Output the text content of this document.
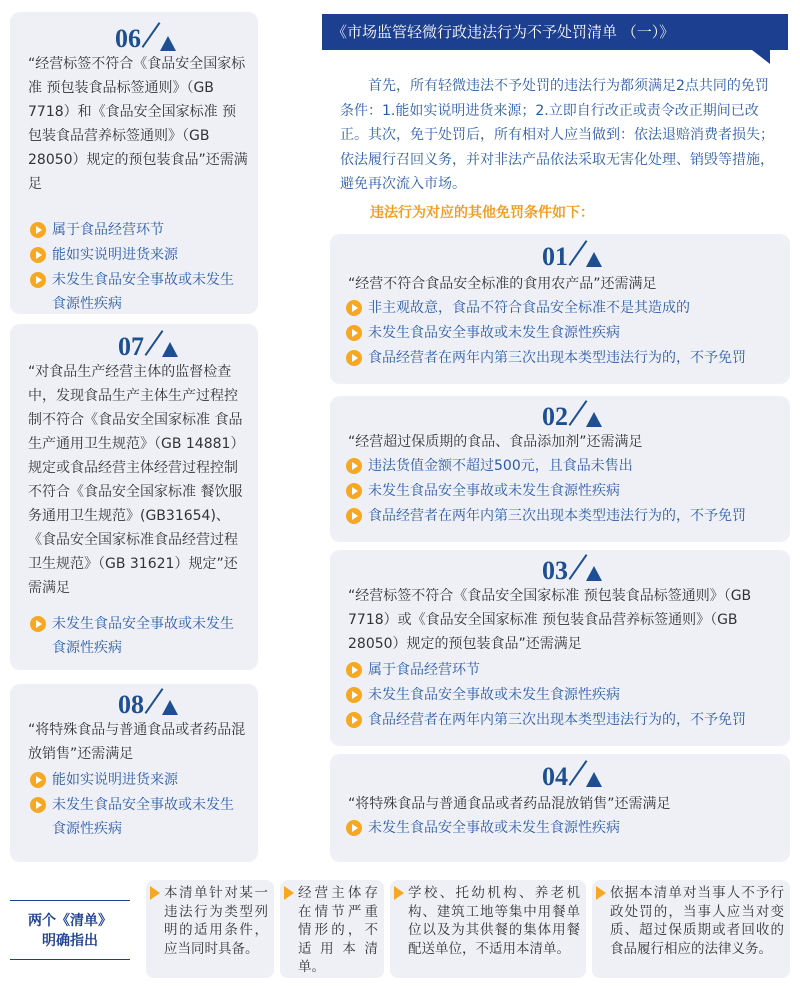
《市场监管轻微行政违法行为不予处罚清单 （一）》
首先，所有轻微违法不予处罚的违法行为都须满足2点共同的免罚条件：1.能如实说明进货来源；2.立即自行改正或责令改正期间已改正。其次，免于处罚后，所有相对人应当做到：依法退赔消费者损失；依法履行召回义务，并对非法产品依法采取无害化处理、销毁等措施，避免再次流入市场。
违法行为对应的其他免罚条件如下：
06
“经营标签不符合《食品安全国家标准 预包装食品标签通则》（GB 7718）和《食品安全国家标准 预包装食品营养标签通则》（GB 28050）规定的预包装食品”还需满足
属于食品经营环节
能如实说明进货来源
未发生食品安全事故或未发生食源性疾病
07
“对食品生产经营主体的监督检查中，发现食品生产主体生产过程控制不符合《食品安全国家标准 食品生产通用卫生规范》（GB 14881）规定或食品经营主体经营过程控制不符合《食品安全国家标准 餐饮服务通用卫生规范》(GB31654)、《食品安全国家标准食品经营过程卫生规范》（GB 31621）规定”还需满足
未发生食品安全事故或未发生食源性疾病
08
“将特殊食品与普通食品或者药品混放销售”还需满足
能如实说明进货来源
未发生食品安全事故或未发生食源性疾病
01
“经营不符合食品安全标准的食用农产品”还需满足
非主观故意，食品不符合食品安全标准不是其造成的
未发生食品安全事故或未发生食源性疾病
食品经营者在两年内第三次出现本类型违法行为的，不予免罚
02
“经营超过保质期的食品、食品添加剂”还需满足
违法货值金额不超过500元，且食品未售出
未发生食品安全事故或未发生食源性疾病
食品经营者在两年内第三次出现本类型违法行为的，不予免罚
03
“经营标签不符合《食品安全国家标准 预包装食品标签通则》（GB 7718）或《食品安全国家标准 预包装食品营养标签通则》（GB 28050）规定的预包装食品”还需满足
属于食品经营环节
未发生食品安全事故或未发生食源性疾病
食品经营者在两年内第三次出现本类型违法行为的，不予免罚
04
“将特殊食品与普通食品或者药品混放销售”还需满足
未发生食品安全事故或未发生食源性疾病
两个《清单》
明确指出
本清单针对某一违法行为类型列明的适用条件，应当同时具备。
经营主体存在情节严重情形的，不适用本清单。
学校、托幼机构、养老机构、建筑工地等集中用餐单位以及为其供餐的集体用餐配送单位，不适用本清单。
依据本清单对当事人不予行政处罚的，当事人应当对变质、超过保质期或者回收的食品履行相应的法律义务。
